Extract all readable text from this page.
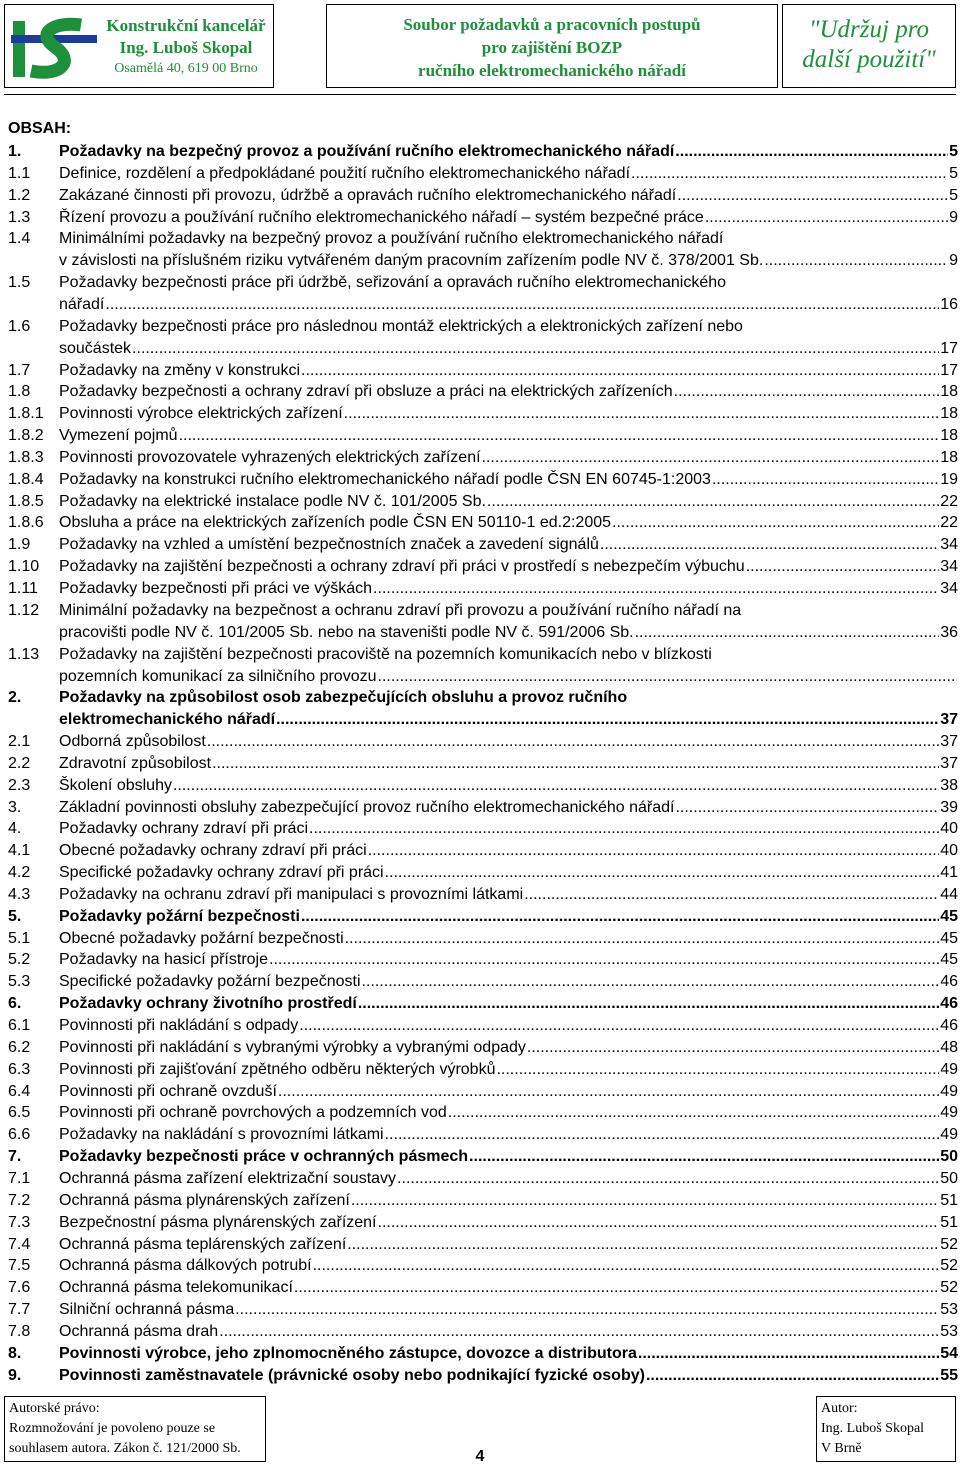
Konstrukční kancelář
Ing. Luboš Skopal
Osamělá 40, 619 00 Brno
Soubor požadavků a pracovních postupů
pro zajištění BOZP
ručního elektromechanického nářadí
"Udržuj pro
další použití"
OBSAH:
1. Požadavky na bezpečný provoz a používání ručního elektromechanického nářadí .....	5
1.1 Definice, rozdělení a předpokládané použití ručního elektromechanického nářadí .....	5
1.2 Zakázané činnosti při provozu, údržbě a opravách ručního elektromechanického nářadí .....	5
1.3 Řízení provozu a používání ručního elektromechanického nářadí – systém bezpečné práce .....	9
1.4 Minimálními požadavky na bezpečný provoz a používání ručního elektromechanického nářadí
v závislosti na příslušném riziku vytvářeném daným pracovním zařízením podle NV č. 378/2001 Sb. .....	9
1.5 Požadavky bezpečnosti práce při údržbě, seřizování a opravách ručního elektromechanického
nářadí .....	16
1.6 Požadavky bezpečnosti práce pro následnou montáž elektrických a elektronických zařízení nebo
součástek .....	17
1.7 Požadavky na změny v konstrukci .....	17
1.8 Požadavky bezpečnosti a ochrany zdraví při obsluze a práci na elektrických zařízeních .....	18
1.8.1 Povinnosti výrobce elektrických zařízení .....	18
1.8.2 Vymezení pojmů .....	18
1.8.3 Povinnosti provozovatele vyhrazených elektrických zařízení .....	18
1.8.4 Požadavky na konstrukci ručního elektromechanického nářadí podle ČSN EN 60745-1:2003 .....	19
1.8.5 Požadavky na elektrické instalace podle NV č. 101/2005 Sb. .....	22
1.8.6 Obsluha a práce na elektrických zařízeních podle ČSN EN 50110-1 ed.2:2005 .....	22
1.9 Požadavky na vzhled a umístění bezpečnostních značek a zavedení signálů .....	34
1.10 Požadavky na zajištění bezpečnosti a ochrany zdraví při práci v prostředí s nebezpečím výbuchu .....	34
1.11 Požadavky bezpečnosti při práci ve výškách .....	34
1.12 Minimální požadavky na bezpečnost a ochranu zdraví při provozu a používání ručního nářadí na
pracovišti podle NV č. 101/2005 Sb. nebo na staveništi podle NV č. 591/2006 Sb. .....	36
1.13 Požadavky na zajištění bezpečnosti pracoviště na pozemních komunikacích nebo v blízkosti
pozemních komunikací za silničního provozu
.....
2. Požadavky na způsobilost osob zabezpečujících obsluhu a provoz ručního
elektromechanického nářadí .....	37
2.1 Odborná způsobilost .....	37
2.2 Zdravotní způsobilost .....	37
2.3 Školení obsluhy .....	38
3. Základní povinnosti obsluhy zabezpečující provoz ručního elektromechanického nářadí .....	39
4. Požadavky ochrany zdraví při práci .....	40
4.1 Obecné požadavky ochrany zdraví při práci .....	40
4.2 Specifické požadavky ochrany zdraví při práci .....	41
4.3 Požadavky na ochranu zdraví při manipulaci s provozními látkami .....	44
5. Požadavky požární bezpečnosti .....	45
5.1 Obecné požadavky požární bezpečnosti .....	45
5.2 Požadavky na hasicí přístroje .....	45
5.3 Specifické požadavky požární bezpečnosti .....	46
6. Požadavky ochrany životního prostředí .....	46
6.1 Povinnosti při nakládání s odpady .....	46
6.2 Povinnosti při nakládání s vybranými výrobky a vybranými odpady .....	48
6.3 Povinnosti při zajišťování zpětného odběru některých výrobků .....	49
6.4 Povinnosti při ochraně ovzduší .....	49
6.5 Povinnosti při ochraně povrchových a podzemních vod .....	49
6.6 Požadavky na nakládání s provozními látkami .....	49
7. Požadavky bezpečnosti práce v ochranných pásmech .....	50
7.1 Ochranná pásma zařízení elektrizační soustavy .....	50
7.2 Ochranná pásma plynárenských zařízení .....	51
7.3 Bezpečnostní pásma plynárenských zařízení .....	51
7.4 Ochranná pásma teplárenských zařízení .....	52
7.5 Ochranná pásma dálkových potrubí .....	52
7.6 Ochranná pásma telekomunikací .....	52
7.7 Silniční ochranná pásma .....	53
7.8 Ochranná pásma drah .....	53
8. Povinnosti výrobce, jeho zplnomocněného zástupce, dovozce a distributora .....	54
9. Povinnosti zaměstnavatele (právnické osoby nebo podnikající fyzické osoby) .....	55
Autorské právo:
Rozmnožování je povoleno pouze se
souhlasem autora. Zákon č. 121/2000 Sb.	4
Autor:
Ing. Luboš Skopal
V Brně
